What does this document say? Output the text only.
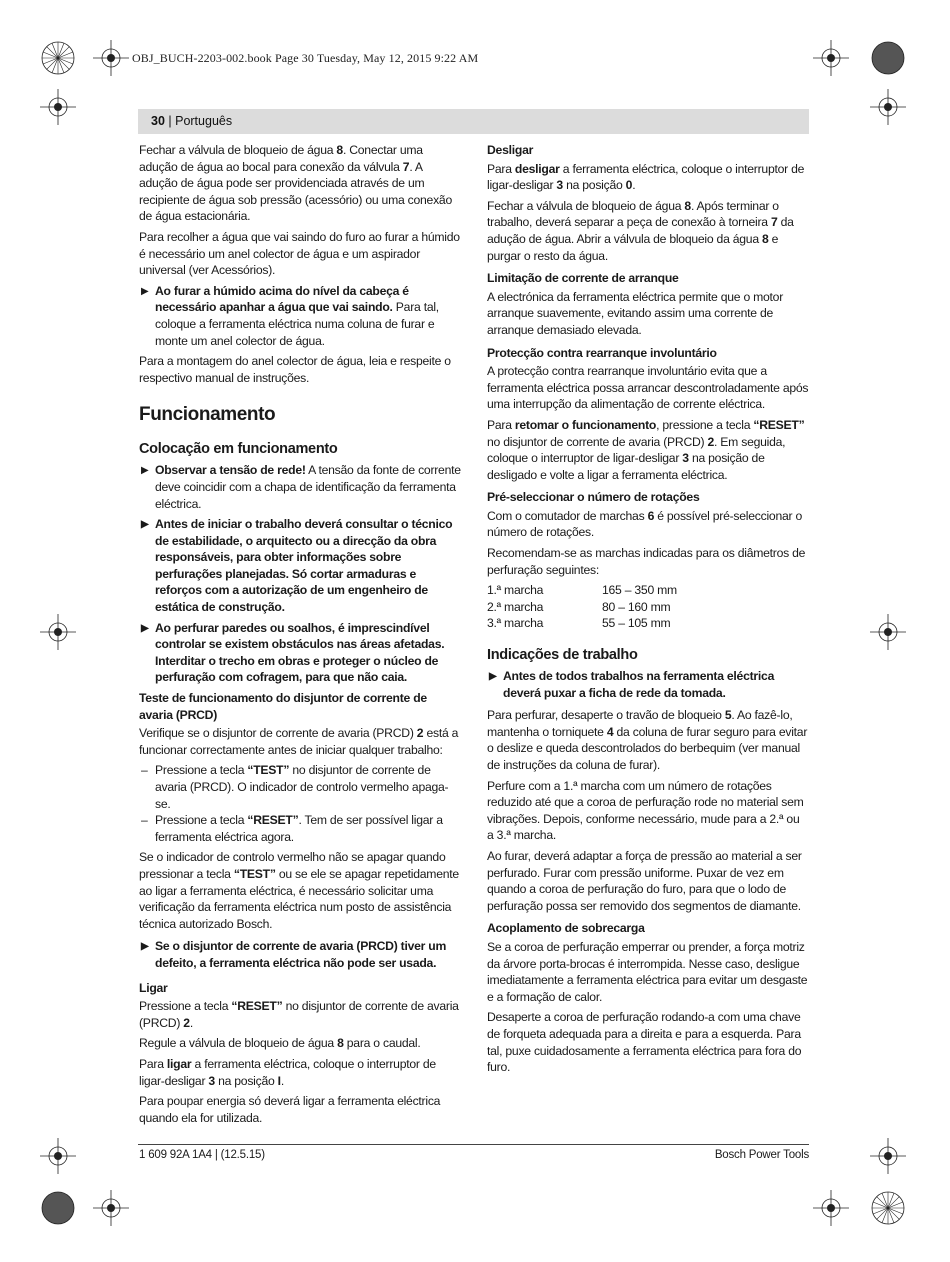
OBJ_BUCH-2203-002.book Page 30 Tuesday, May 12, 2015 9:22 AM
30 | Português

Fechar a válvula de bloqueio de água 8. Conectar uma adução de água ao bocal para conexão da válvula 7. A adução de água pode ser providenciada através de um recipiente de água sob pressão (acessório) ou uma conexão de água estacionária.

Para recolher a água que vai saindo do furo ao furar a húmido é necessário um anel colector de água e um aspirador universal (ver Acessórios).

▶ Ao furar a húmido acima do nível da cabeça é necessário apanhar a água que vai saindo. Para tal, coloque a ferramenta eléctrica numa coluna de furar e monte um anel colector de água.

Para a montagem do anel colector de água, leia e respeite o respectivo manual de instruções.

Funcionamento
Colocação em funcionamento
▶ Observar a tensão de rede! A tensão da fonte de corrente deve coincidir com a chapa de identificação da ferramenta eléctrica.
▶ Antes de iniciar o trabalho deverá consultar o técnico de estabilidade, o arquitecto ou a direcção da obra responsáveis, para obter informações sobre perfurações planejadas. Só cortar armaduras e reforços com a autorização de um engenheiro de estática de construção.
▶ Ao perfurar paredes ou soalhos, é imprescindível controlar se existem obstáculos nas áreas afetadas. Interditar o trecho em obras e proteger o núcleo de perfuração com cofragem, para que não caia.
Teste de funcionamento do disjuntor de corrente de avaria (PRCD)

Verifique se o disjuntor de corrente de avaria (PRCD) 2 está a funcionar correctamente antes de iniciar qualquer trabalho:

– Pressione a tecla “TEST” no disjuntor de corrente de avaria (PRCD). O indicador de controlo vermelho apaga-se.
– Pressione a tecla “RESET”. Tem de ser possível ligar a ferramenta eléctrica agora.

Se o indicador de controlo vermelho não se apagar quando pressionar a tecla “TEST” ou se ele se apagar repetidamente ao ligar a ferramenta eléctrica, é necessário solicitar uma verificação da ferramenta eléctrica num posto de assistência técnica autorizado Bosch.

▶ Se o disjuntor de corrente de avaria (PRCD) tiver um defeito, a ferramenta eléctrica não pode ser usada.
Ligar

Pressione a tecla “RESET” no disjuntor de corrente de avaria (PRCD) 2.

Regule a válvula de bloqueio de água 8 para o caudal.

Para ligar a ferramenta eléctrica, coloque o interruptor de ligar-desligar 3 na posição I.

Para poupar energia só deverá ligar a ferramenta eléctrica quando ela for utilizada.

Desligar

Para desligar a ferramenta eléctrica, coloque o interruptor de ligar-desligar 3 na posição 0.

Fechar a válvula de bloqueio de água 8. Após terminar o trabalho, deverá separar a peça de conexão à torneira 7 da adução de água. Abrir a válvula de bloqueio da água 8 e purgar o resto da água.

Limitação de corrente de arranque

A electrónica da ferramenta eléctrica permite que o motor arranque suavemente, evitando assim uma corrente de arranque demasiado elevada.

Protecção contra rearranque involuntário

A protecção contra rearranque involuntário evita que a ferramenta eléctrica possa arrancar descontroladamente após uma interrupção da alimentação de corrente eléctrica.

Para retomar o funcionamento, pressione a tecla “RESET” no disjuntor de corrente de avaria (PRCD) 2. Em seguida, coloque o interruptor de ligar-desligar 3 na posição de desligado e volte a ligar a ferramenta eléctrica.

Pré-seleccionar o número de rotações

Com o comutador de marchas 6 é possível pré-seleccionar o número de rotações.

Recomendam-se as marchas indicadas para os diâmetros de perfuração seguintes:

1.ª marcha	165 – 350 mm
2.ª marcha	80 – 160 mm
3.ª marcha	55 – 105 mm
Indicações de trabalho
▶ Antes de todos trabalhos na ferramenta eléctrica deverá puxar a ficha de rede da tomada.

Para perfurar, desaperte o travão de bloqueio 5. Ao fazê-lo, mantenha o torniquete 4 da coluna de furar seguro para evitar o deslize e queda descontrolados do berbequim (ver manual de instruções da coluna de furar).

Perfure com a 1.ª marcha com um número de rotações reduzido até que a coroa de perfuração rode no material sem vibrações. Depois, conforme necessário, mude para a 2.ª ou a 3.ª marcha.

Ao furar, deverá adaptar a força de pressão ao material a ser perfurado. Furar com pressão uniforme. Puxar de vez em quando a coroa de perfuração do furo, para que o lodo de perfuração possa ser removido dos segmentos de diamante.

Acoplamento de sobrecarga

Se a coroa de perfuração emperrar ou prender, a força motriz da árvore porta-brocas é interrompida. Nesse caso, desligue imediatamente a ferramenta eléctrica para evitar um desgaste e a formação de calor.

Desaperte a coroa de perfuração rodando-a com uma chave de forqueta adequada para a direita e para a esquerda. Para tal, puxe cuidadosamente a ferramenta eléctrica para fora do furo.

1 609 92A 1A4 | (12.5.15)	Bosch Power Tools
